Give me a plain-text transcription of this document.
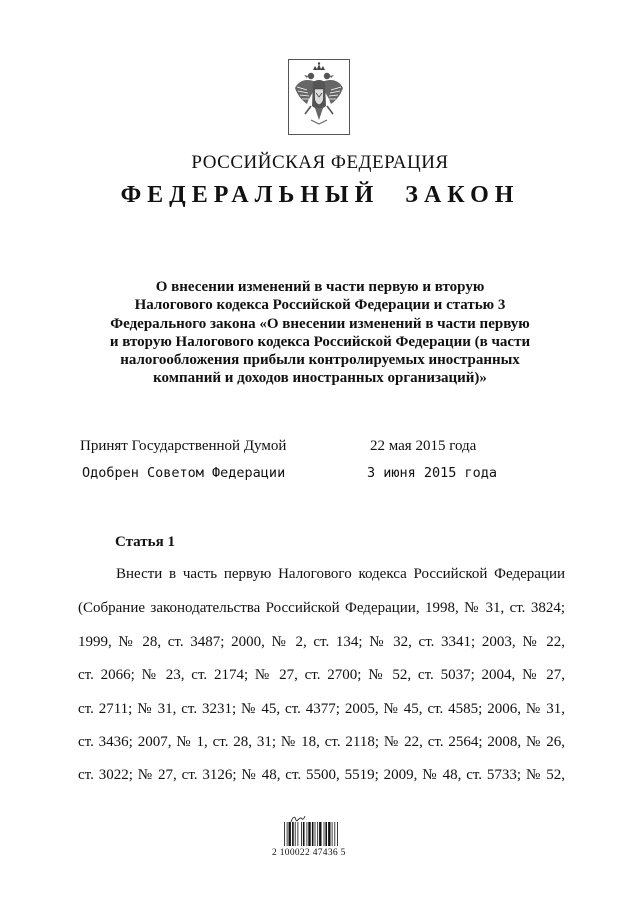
РОССИЙСКАЯ ФЕДЕРАЦИЯ
ФЕДЕРАЛЬНЫЙ ЗАКОН
О внесении изменений в части первую и вторую
Налогового кодекса Российской Федерации и статью 3
Федерального закона «О внесении изменений в части первую
и вторую Налогового кодекса Российской Федерации (в части
налогообложения прибыли контролируемых иностранных
компаний и доходов иностранных организаций)»
Принят Государственной Думой	22 мая 2015 года
Одобрен Советом Федерации	3 июня 2015 года
Статья 1
Внести в часть первую Налогового кодекса Российской Федерации
(Собрание законодательства Российской Федерации, 1998, № 31, ст. 3824;
1999, № 28, ст. 3487; 2000, № 2, ст. 134; № 32, ст. 3341; 2003, № 22,
ст. 2066; № 23, ст. 2174; № 27, ст. 2700; № 52, ст. 5037; 2004, № 27,
ст. 2711; № 31, ст. 3231; № 45, ст. 4377; 2005, № 45, ст. 4585; 2006, № 31,
ст. 3436; 2007, № 1, ст. 28, 31; № 18, ст. 2118; № 22, ст. 2564; 2008, № 26,
ст. 3022; № 27, ст. 3126; № 48, ст. 5500, 5519; 2009, № 48, ст. 5733; № 52,
2 100022 47436 5
